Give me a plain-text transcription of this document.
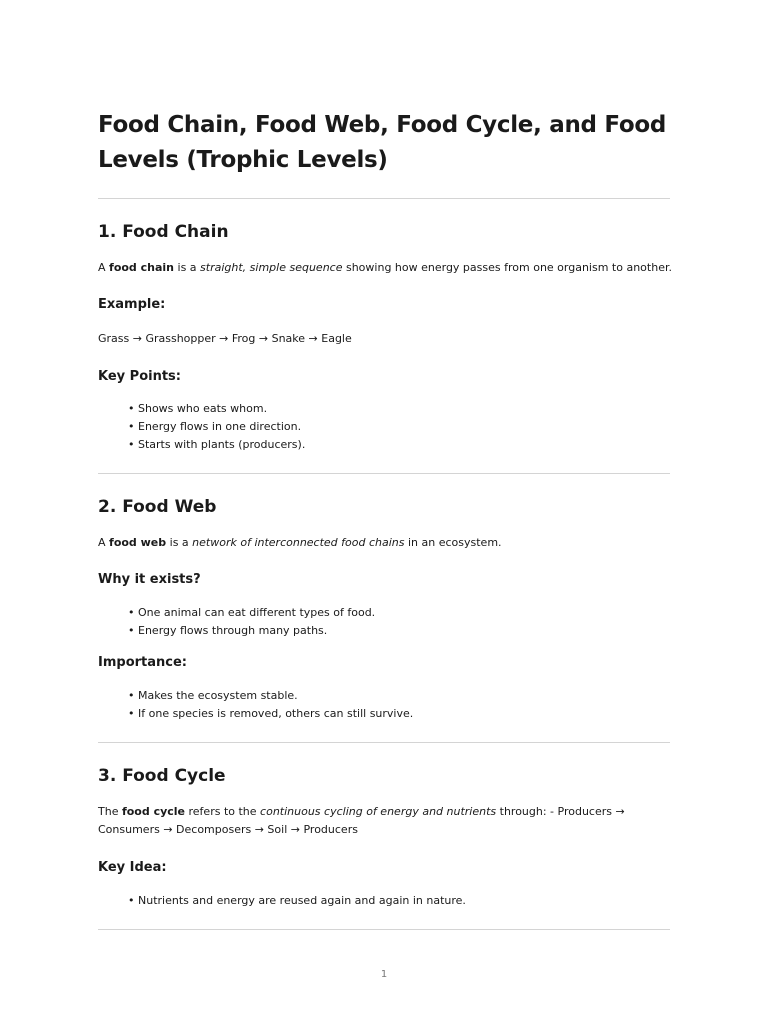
Food Chain, Food Web, Food Cycle, and Food Levels (Trophic Levels)
1. Food Chain

A food chain is a straight, simple sequence showing how energy passes from one organism to another.

Example:

Grass → Grasshopper → Frog → Snake → Eagle

Key Points:
• Shows who eats whom.
• Energy flows in one direction.
• Starts with plants (producers).
2. Food Web

A food web is a network of interconnected food chains in an ecosystem.

Why it exists?
• One animal can eat different types of food.
• Energy flows through many paths.
Importance:
• Makes the ecosystem stable.
• If one species is removed, others can still survive.
3. Food Cycle

The food cycle refers to the continuous cycling of energy and nutrients through: - Producers → Consumers → Decomposers → Soil → Producers

Key Idea:
• Nutrients and energy are reused again and again in nature.
1
